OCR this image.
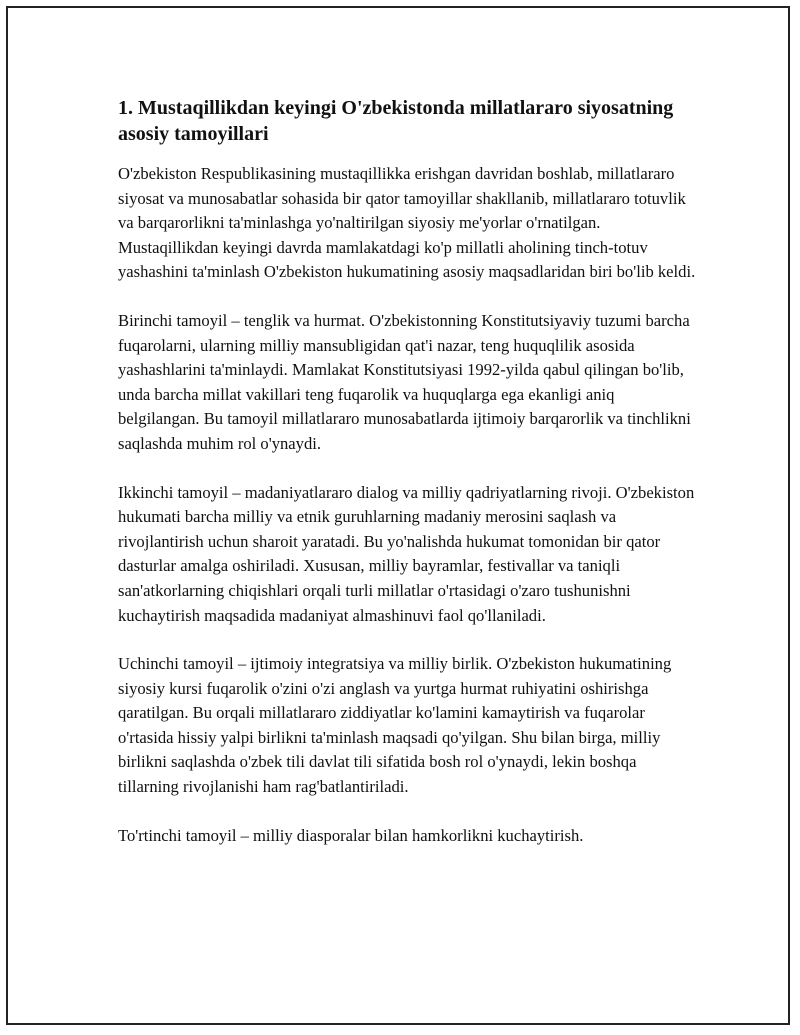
1. Mustaqillikdan keyingi O'zbekistonda millatlararo siyosatning asosiy tamoyillari

O'zbekiston Respublikasining mustaqillikka erishgan davridan boshlab, millatlararo siyosat va munosabatlar sohasida bir qator tamoyillar shakllanib, millatlararo totuvlik va barqarorlikni ta'minlashga yo'naltirilgan siyosiy me'yorlar o'rnatilgan. Mustaqillikdan keyingi davrda mamlakatdagi ko'p millatli aholining tinch-totuv yashashini ta'minlash O'zbekiston hukumatining asosiy maqsadlaridan biri bo'lib keldi.

Birinchi tamoyil – tenglik va hurmat. O'zbekistonning Konstitutsiyaviy tuzumi barcha fuqarolarni, ularning milliy mansubligidan qat'i nazar, teng huquqlilik asosida yashashlarini ta'minlaydi. Mamlakat Konstitutsiyasi 1992-yilda qabul qilingan bo'lib, unda barcha millat vakillari teng fuqarolik va huquqlarga ega ekanligi aniq belgilangan. Bu tamoyil millatlararo munosabatlarda ijtimoiy barqarorlik va tinchlikni saqlashda muhim rol o'ynaydi.

Ikkinchi tamoyil – madaniyatlararo dialog va milliy qadriyatlarning rivoji. O'zbekiston hukumati barcha milliy va etnik guruhlarning madaniy merosini saqlash va rivojlantirish uchun sharoit yaratadi. Bu yo'nalishda hukumat tomonidan bir qator dasturlar amalga oshiriladi. Xususan, milliy bayramlar, festivallar va taniqli san'atkorlarning chiqishlari orqali turli millatlar o'rtasidagi o'zaro tushunishni kuchaytirish maqsadida madaniyat almashinuvi faol qo'llaniladi.

Uchinchi tamoyil – ijtimoiy integratsiya va milliy birlik. O'zbekiston hukumatining siyosiy kursi fuqarolik o'zini o'zi anglash va yurtga hurmat ruhiyatini oshirishga qaratilgan. Bu orqali millatlararo ziddiyatlar ko'lamini kamaytirish va fuqarolar o'rtasida hissiy yalpi birlikni ta'minlash maqsadi qo'yilgan. Shu bilan birga, milliy birlikni saqlashda o'zbek tili davlat tili sifatida bosh rol o'ynaydi, lekin boshqa tillarning rivojlanishi ham rag'batlantiriladi.

To'rtinchi tamoyil – milliy diasporalar bilan hamkorlikni kuchaytirish.
